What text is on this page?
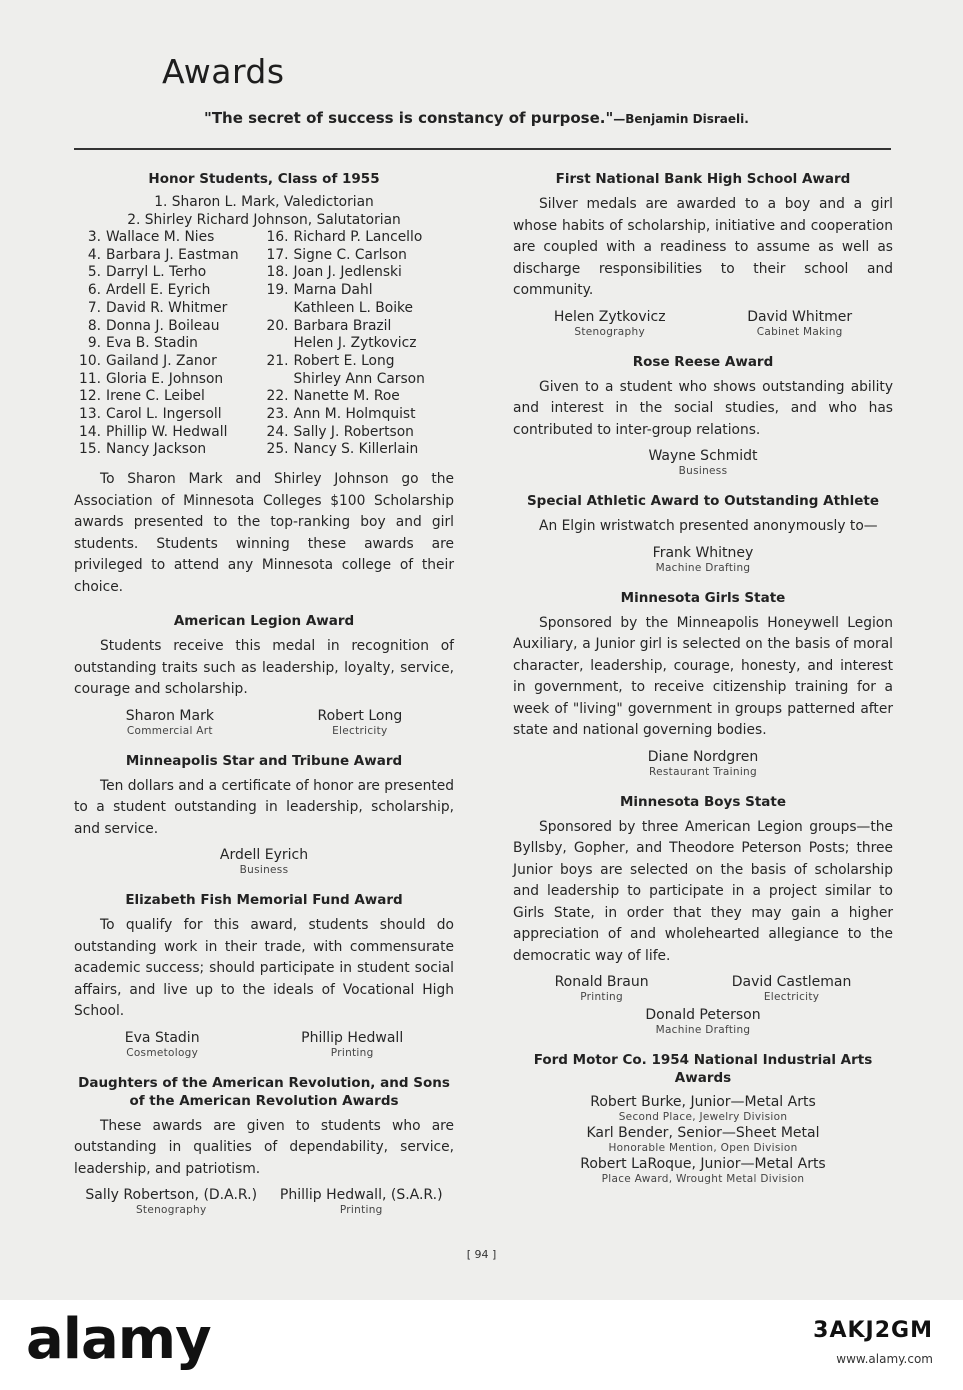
Awards
"The secret of success is constancy of purpose."—Benjamin Disraeli.
Honor Students, Class of 1955
1. Sharon L. Mark, Valedictorian
2. Shirley Richard Johnson, Salutatorian
3. Wallace M. Nies
4. Barbara J. Eastman
5. Darryl L. Terho
6. Ardell E. Eyrich
7. David R. Whitmer
8. Donna J. Boileau
9. Eva B. Stadin
10. Gailand J. Zanor
11. Gloria E. Johnson
12. Irene C. Leibel
13. Carol L. Ingersoll
14. Phillip W. Hedwall
15. Nancy Jackson
16. Richard P. Lancello
17. Signe C. Carlson
18. Joan J. Jedlenski
19. Marna Dahl
Kathleen L. Boike
20. Barbara Brazil
Helen J. Zytkovicz
21. Robert E. Long
Shirley Ann Carson
22. Nanette M. Roe
23. Ann M. Holmquist
24. Sally J. Robertson
25. Nancy S. Killerlain

To Sharon Mark and Shirley Johnson go the Association of Minnesota Colleges $100 Scholarship awards presented to the top-ranking boy and girl students. Students winning these awards are privileged to attend any Minnesota college of their choice.

American Legion Award

Students receive this medal in recognition of outstanding traits such as leadership, loyalty, service, courage and scholarship.

Sharon Mark
Commercial Art
Robert Long
Electricity
Minneapolis Star and Tribune Award

Ten dollars and a certificate of honor are presented to a student outstanding in leadership, scholarship, and service.

Ardell Eyrich
Business
Elizabeth Fish Memorial Fund Award

To qualify for this award, students should do outstanding work in their trade, with commensurate academic success; should participate in student social affairs, and live up to the ideals of Vocational High School.

Eva Stadin
Cosmetology
Phillip Hedwall
Printing
Daughters of the American Revolution, and Sons of the American Revolution Awards

These awards are given to students who are outstanding in qualities of dependability, service, leadership, and patriotism.

Sally Robertson, (D.A.R.)
Stenography
Phillip Hedwall, (S.A.R.)
Printing
First National Bank High School Award

Silver medals are awarded to a boy and a girl whose habits of scholarship, initiative and cooperation are coupled with a readiness to assume as well as discharge responsibilities to their school and community.

Helen Zytkovicz
Stenography
David Whitmer
Cabinet Making
Rose Reese Award

Given to a student who shows outstanding ability and interest in the social studies, and who has contributed to inter-group relations.

Wayne Schmidt
Business
Special Athletic Award to Outstanding Athlete

An Elgin wristwatch presented anonymously to—

Frank Whitney
Machine Drafting
Minnesota Girls State

Sponsored by the Minneapolis Honeywell Legion Auxiliary, a Junior girl is selected on the basis of moral character, leadership, courage, honesty, and interest in government, to receive citizenship training for a week of "living" government in groups patterned after state and national governing bodies.

Diane Nordgren
Restaurant Training
Minnesota Boys State

Sponsored by three American Legion groups—the Byllsby, Gopher, and Theodore Peterson Posts; three Junior boys are selected on the basis of scholarship and leadership to participate in a project similar to Girls State, in order that they may gain a higher appreciation of and wholehearted allegiance to the democratic way of life.

Ronald Braun
Printing
David Castleman
Electricity
Donald Peterson
Machine Drafting
Ford Motor Co. 1954 National Industrial Arts Awards
Robert Burke, Junior—Metal Arts
Second Place, Jewelry Division
Karl Bender, Senior—Sheet Metal
Honorable Mention, Open Division
Robert LaRoque, Junior—Metal Arts
Place Award, Wrought Metal Division
[ 94 ]
alamy	3AKJ2GM
www.alamy.com
